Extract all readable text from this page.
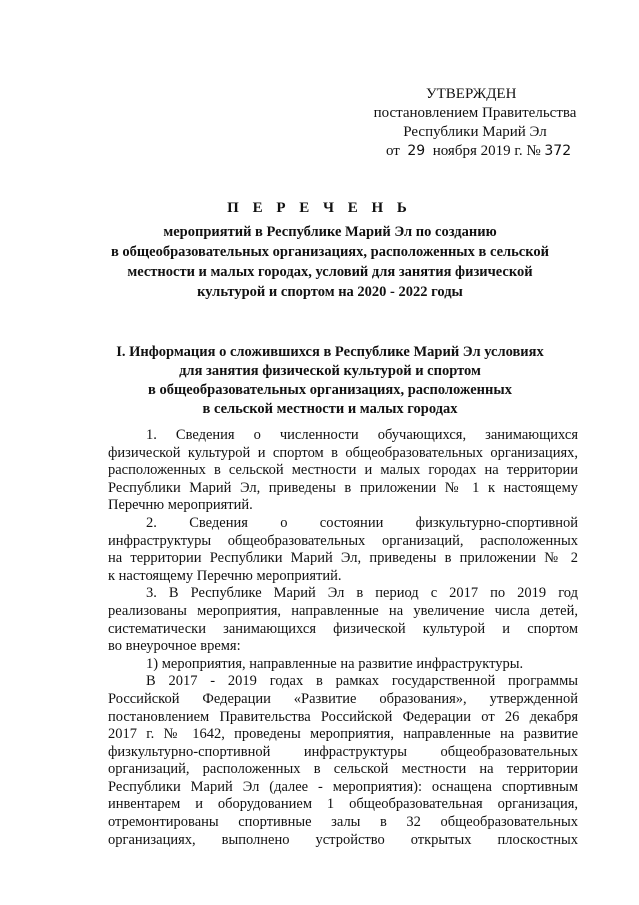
УТВЕРЖДЕН
постановлением Правительства
Республики Марий Эл
от 29 ноября 2019 г. № 372
П Е Р Е Ч Е Н Ь
мероприятий в Республике Марий Эл по созданию
в общеобразовательных организациях, расположенных в сельской
местности и малых городах, условий для занятия физической
культурой и спортом на 2020 - 2022 годы
I. Информация о сложившихся в Республике Марий Эл условиях
для занятия физической культурой и спортом
в общеобразовательных организациях, расположенных
в сельской местности и малых городах
1. Сведения о численности обучающихся, занимающихся
физической культурой и спортом в общеобразовательных организациях,
расположенных в сельской местности и малых городах на территории
Республики Марий Эл, приведены в приложении № 1 к настоящему
Перечню мероприятий.
2. Сведения о состоянии физкультурно-спортивной
инфраструктуры общеобразовательных организаций, расположенных
на территории Республики Марий Эл, приведены в приложении № 2
к настоящему Перечню мероприятий.
3. В Республике Марий Эл в период с 2017 по 2019 год
реализованы мероприятия, направленные на увеличение числа детей,
систематически занимающихся физической культурой и спортом
во внеурочное время:
1) мероприятия, направленные на развитие инфраструктуры.
В 2017 - 2019 годах в рамках государственной программы
Российской Федерации «Развитие образования», утвержденной
постановлением Правительства Российской Федерации от 26 декабря
2017 г. № 1642, проведены мероприятия, направленные на развитие
физкультурно-спортивной инфраструктуры общеобразовательных
организаций, расположенных в сельской местности на территории
Республики Марий Эл (далее - мероприятия): оснащена спортивным
инвентарем и оборудованием 1 общеобразовательная организация,
отремонтированы спортивные залы в 32 общеобразовательных
организациях, выполнено устройство открытых плоскостных
